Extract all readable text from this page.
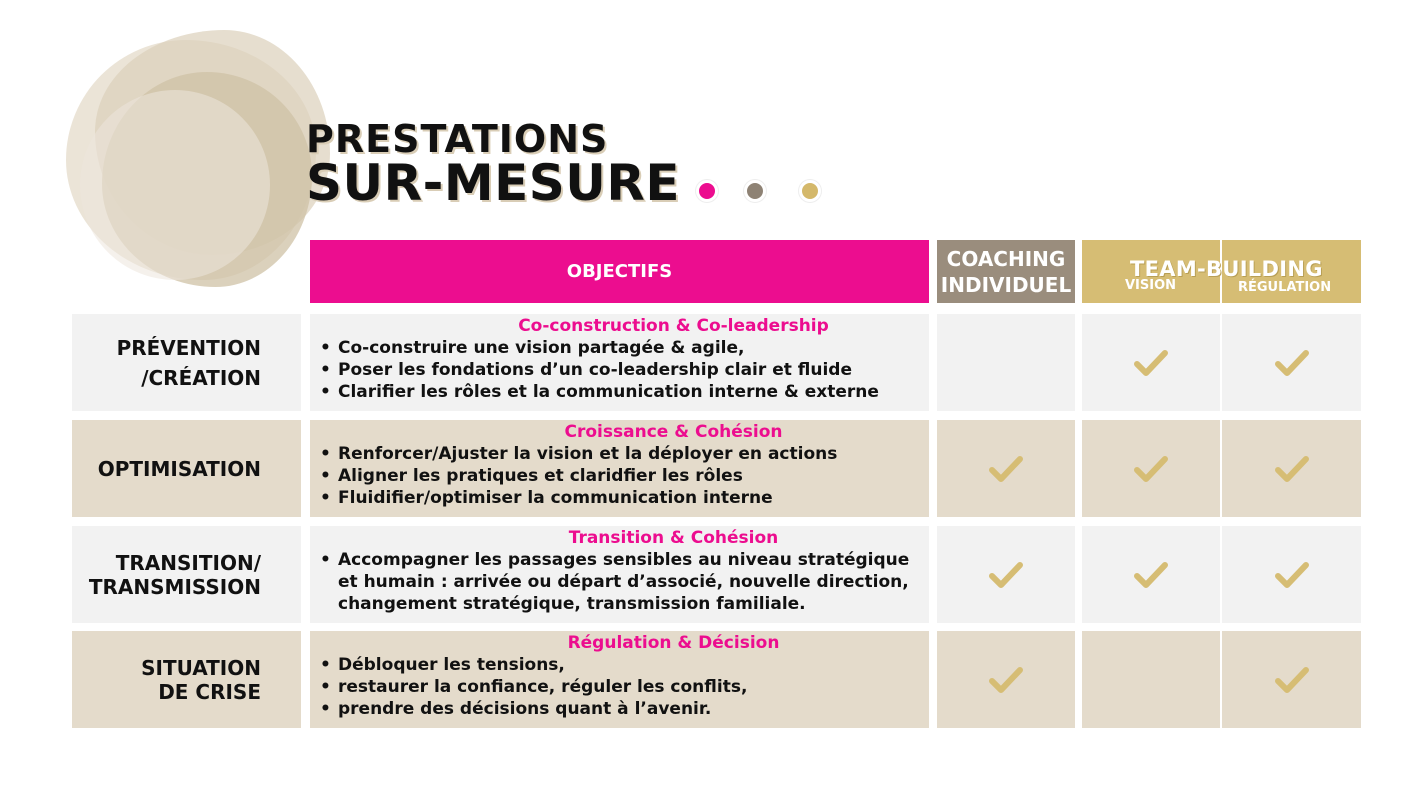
PRESTATIONS
SUR-MESURE
OBJECTIFS
COACHING
INDIVIDUEL
TEAM-BUILDING
VISION	RÉGULATION
PRÉVENTION
/CRÉATION
Co-construction & Co-leadership
• Co-construire une vision partagée & agile,
• Poser les fondations d’un co-leadership clair et fluide
• Clarifier les rôles et la communication interne & externe
OPTIMISATION
Croissance & Cohésion
• Renforcer/Ajuster la vision et la déployer en actions
• Aligner les pratiques et claridfier les rôles
• Fluidifier/optimiser la communication interne
TRANSITION/
TRANSMISSION
Transition & Cohésion
• Accompagner les passages sensibles au niveau stratégique
et humain : arrivée ou départ d’associé, nouvelle direction,
changement stratégique, transmission familiale.
SITUATION
DE CRISE
Régulation & Décision
• Débloquer les tensions,
• restaurer la confiance, réguler les conflits,
• prendre des décisions quant à l’avenir.
